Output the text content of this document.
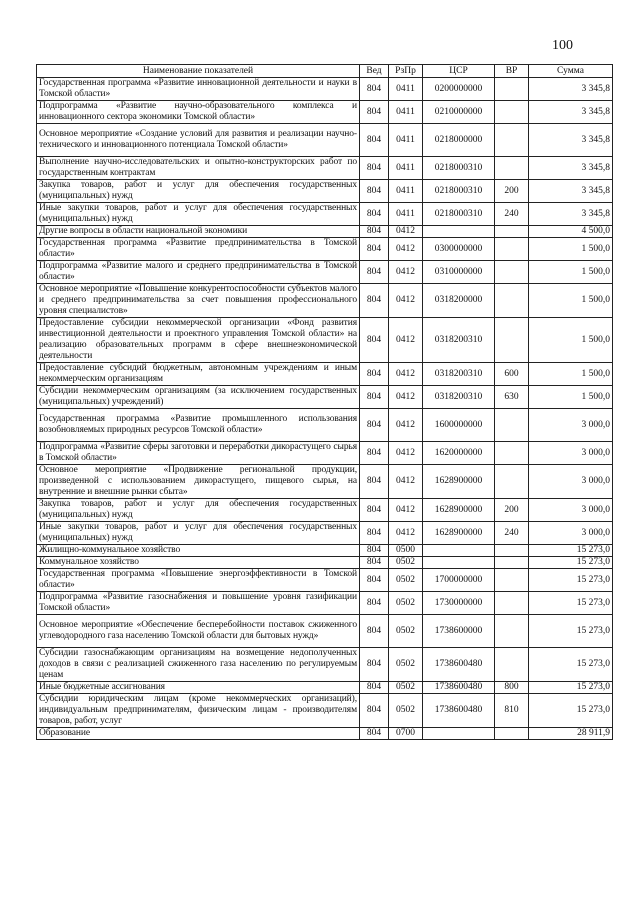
100
Наименование показателей	Вед	РзПр	ЦСР	ВР	Сумма
Государственная программа «Развитие инновационной деятельности и науки в Томской области»	804	0411	0200000000		3 345,8
Подпрограмма «Развитие научно-образовательного комплекса и инновационного сектора экономики Томской области»	804	0411	0210000000		3 345,8
Основное мероприятие «Создание условий для развития и реализации научно-технического и инновационного потенциала Томской области»	804	0411	0218000000		3 345,8
Выполнение научно-исследовательских и опытно-конструкторских работ по государственным контрактам	804	0411	0218000310		3 345,8
Закупка товаров, работ и услуг для обеспечения государственных (муниципальных) нужд	804	0411	0218000310	200	3 345,8
Иные закупки товаров, работ и услуг для обеспечения государственных (муниципальных) нужд	804	0411	0218000310	240	3 345,8
Другие вопросы в области национальной экономики	804	0412			4 500,0
Государственная программа «Развитие предпринимательства в Томской области»	804	0412	0300000000		1 500,0
Подпрограмма «Развитие малого и среднего предпринимательства в Томской области»	804	0412	0310000000		1 500,0
Основное мероприятие «Повышение конкурентоспособности субъектов малого и среднего предпринимательства за счет повышения профессионального уровня специалистов»	804	0412	0318200000		1 500,0
Предоставление субсидии некоммерческой организации «Фонд развития инвестиционной деятельности и проектного управления Томской области» на реализацию образовательных программ в сфере внешнеэкономической деятельности	804	0412	0318200310		1 500,0
Предоставление субсидий бюджетным, автономным учреждениям и иным некоммерческим организациям	804	0412	0318200310	600	1 500,0
Субсидии некоммерческим организациям (за исключением государственных (муниципальных) учреждений)	804	0412	0318200310	630	1 500,0
Государственная программа «Развитие промышленного использования возобновляемых природных ресурсов Томской области»	804	0412	1600000000		3 000,0
Подпрограмма «Развитие сферы заготовки и переработки дикорастущего сырья в Томской области»	804	0412	1620000000		3 000,0
Основное мероприятие «Продвижение региональной продукции, произведенной с использованием дикорастущего, пищевого сырья, на внутренние и внешние рынки сбыта»	804	0412	1628900000		3 000,0
Закупка товаров, работ и услуг для обеспечения государственных (муниципальных) нужд	804	0412	1628900000	200	3 000,0
Иные закупки товаров, работ и услуг для обеспечения государственных (муниципальных) нужд	804	0412	1628900000	240	3 000,0
Жилищно-коммунальное хозяйство	804	0500			15 273,0
Коммунальное хозяйство	804	0502			15 273,0
Государственная программа «Повышение энергоэффективности в Томской области»	804	0502	1700000000		15 273,0
Подпрограмма «Развитие газоснабжения и повышение уровня газификации Томской области»	804	0502	1730000000		15 273,0
Основное мероприятие «Обеспечение бесперебойности поставок сжиженного углеводородного газа населению Томской области для бытовых нужд»	804	0502	1738600000		15 273,0
Субсидии газоснабжающим организациям на возмещение недополученных доходов в связи с реализацией сжиженного газа населению по регулируемым ценам	804	0502	1738600480		15 273,0
Иные бюджетные ассигнования	804	0502	1738600480	800	15 273,0
Субсидии юридическим лицам (кроме некоммерческих организаций), индивидуальным предпринимателям, физическим лицам - производителям товаров, работ, услуг	804	0502	1738600480	810	15 273,0
Образование	804	0700			28 911,9
